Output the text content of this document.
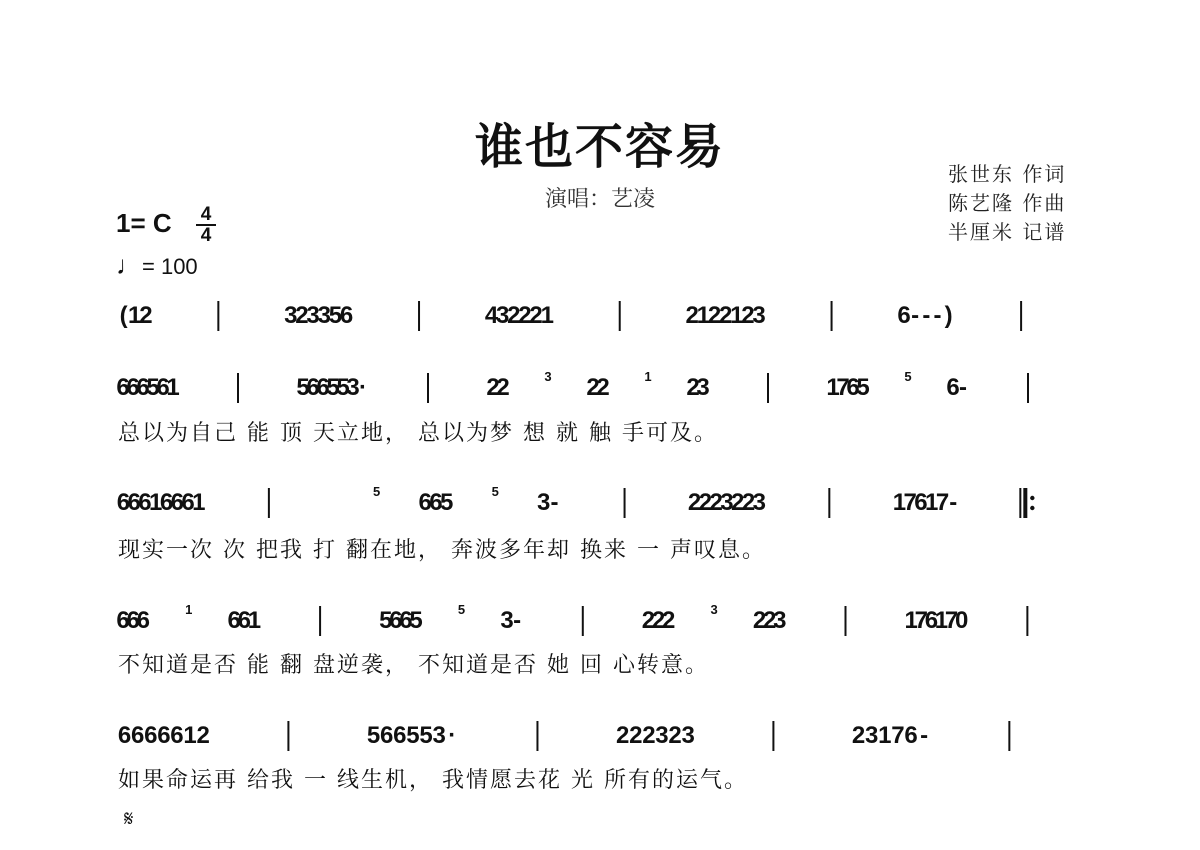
谁也不容易
演唱：艺凌
张世东 作词
陈艺隆 作曲
半厘米 记谱
1= C 4
4
♩= 100
( 1
2	3
2
3
3
5
6	4
3
2
2
2
1	2
1
2
2
1
2
3	6 - - - )
6
6
6
5
6
1	5
6
6
5
5
3 ·	2
2	3 2
2	1 2
3	1
7
6
5	5 6 -
总以为自己 能 顶 天立地， 总以为梦 想 就 触 手可及。
6
6
6
1
6
6
6
1	5 6
6
5	5 3 -	2
2
2
3
2
2
3	1
7
6
1
7 -
现实一次 次 把我 打 翻在地， 奔波多年却 换来 一 声叹息。
6
6
6	1 6
6
1	5
6
6
5	5 3 -	2
2
2	3 2
2
3	1
7
6
1
7
0
不知道是否 能 翻 盘逆袭， 不知道是否 她 回 心转意。
6 6 6 6 6 1 2	5 6 6 5 5 3 ·	2 2 2 3 2 3	2 3 1 7 6 -
如果命运再 给我 一 线生机， 我情愿去花 光 所有的运气。
𝄋
